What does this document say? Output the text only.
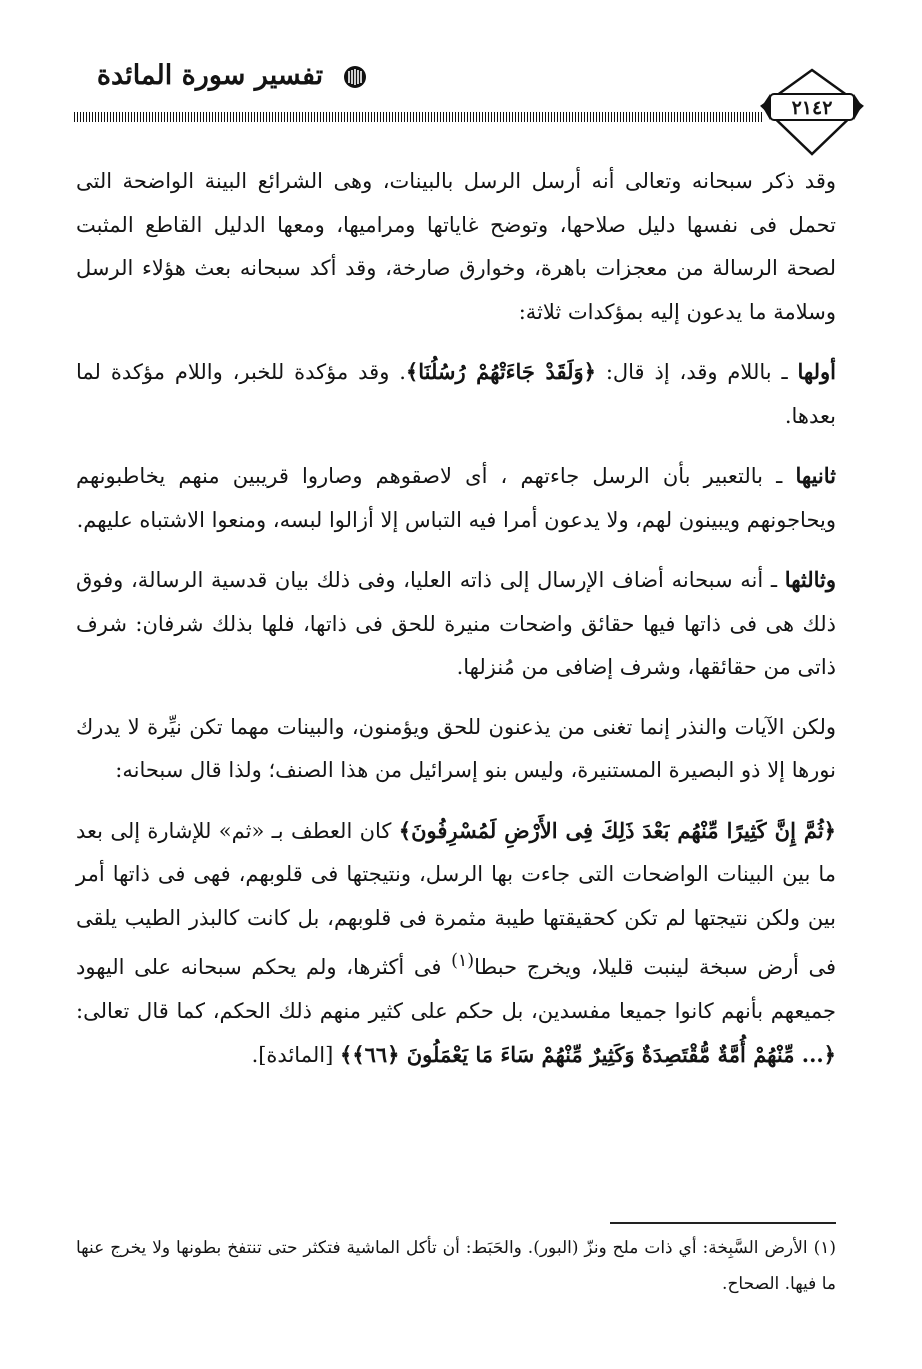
تفسير سورة المائدة
٢١٤٢

وقد ذكر سبحانه وتعالى أنه أرسل الرسل بالبينات، وهى الشرائع البينة الواضحة التى تحمل فى نفسها دليل صلاحها، وتوضح غاياتها ومراميها، ومعها الدليل القاطع المثبت لصحة الرسالة من معجزات باهرة، وخوارق صارخة، وقد أكد سبحانه بعث هؤلاء الرسل وسلامة ما يدعون إليه بمؤكدات ثلاثة:

أولها ـ باللام وقد، إذ قال: ﴿وَلَقَدْ جَاءَتْهُمْ رُسُلُنَا﴾. وقد مؤكدة للخبر، واللام مؤكدة لما بعدها.

ثانيها ـ بالتعبير بأن الرسل جاءتهم ، أى لاصقوهم وصاروا قريبين منهم يخاطبونهم ويحاجونهم ويبينون لهم، ولا يدعون أمرا فيه التباس إلا أزالوا لبسه، ومنعوا الاشتباه عليهم.

وثالثها ـ أنه سبحانه أضاف الإرسال إلى ذاته العليا، وفى ذلك بيان قدسية الرسالة، وفوق ذلك هى فى ذاتها فيها حقائق واضحات منيرة للحق فى ذاتها، فلها بذلك شرفان: شرف ذاتى من حقائقها، وشرف إضافى من مُنزلها.

ولكن الآيات والنذر إنما تغنى من يذعنون للحق ويؤمنون، والبينات مهما تكن نيِّرة لا يدرك نورها إلا ذو البصيرة المستنيرة، وليس بنو إسرائيل من هذا الصنف؛ ولذا قال سبحانه:

﴿ثُمَّ إِنَّ كَثِيرًا مِّنْهُم بَعْدَ ذَلِكَ فِى الأَرْضِ لَمُسْرِفُونَ﴾ كان العطف بـ «ثم» للإشارة إلى بعد ما بين البينات الواضحات التى جاءت بها الرسل، ونتيجتها فى قلوبهم، فهى فى ذاتها أمر بين ولكن نتيجتها لم تكن كحقيقتها طيبة مثمرة فى قلوبهم، بل كانت كالبذر الطيب يلقى فى أرض سبخة لينبت قليلا، ويخرج حبطا$^{(١)}$ فى أكثرها، ولم يحكم سبحانه على اليهود جميعهم بأنهم كانوا جميعا مفسدين، بل حكم على كثير منهم ذلك الحكم، كما قال تعالى: ﴿... مِّنْهُمْ أُمَّةٌ مُّقْتَصِدَةٌ وَكَثِيرٌ مِّنْهُمْ سَاءَ مَا يَعْمَلُونَ ﴿٦٦﴾﴾ [المائدة].

(١) الأرض السَّبِخة: أي ذات ملح ونزّ (البور). والحَبَط: أن تأكل الماشية فتكثر حتى تنتفخ بطونها ولا يخرج عنها ما فيها. الصحاح.
